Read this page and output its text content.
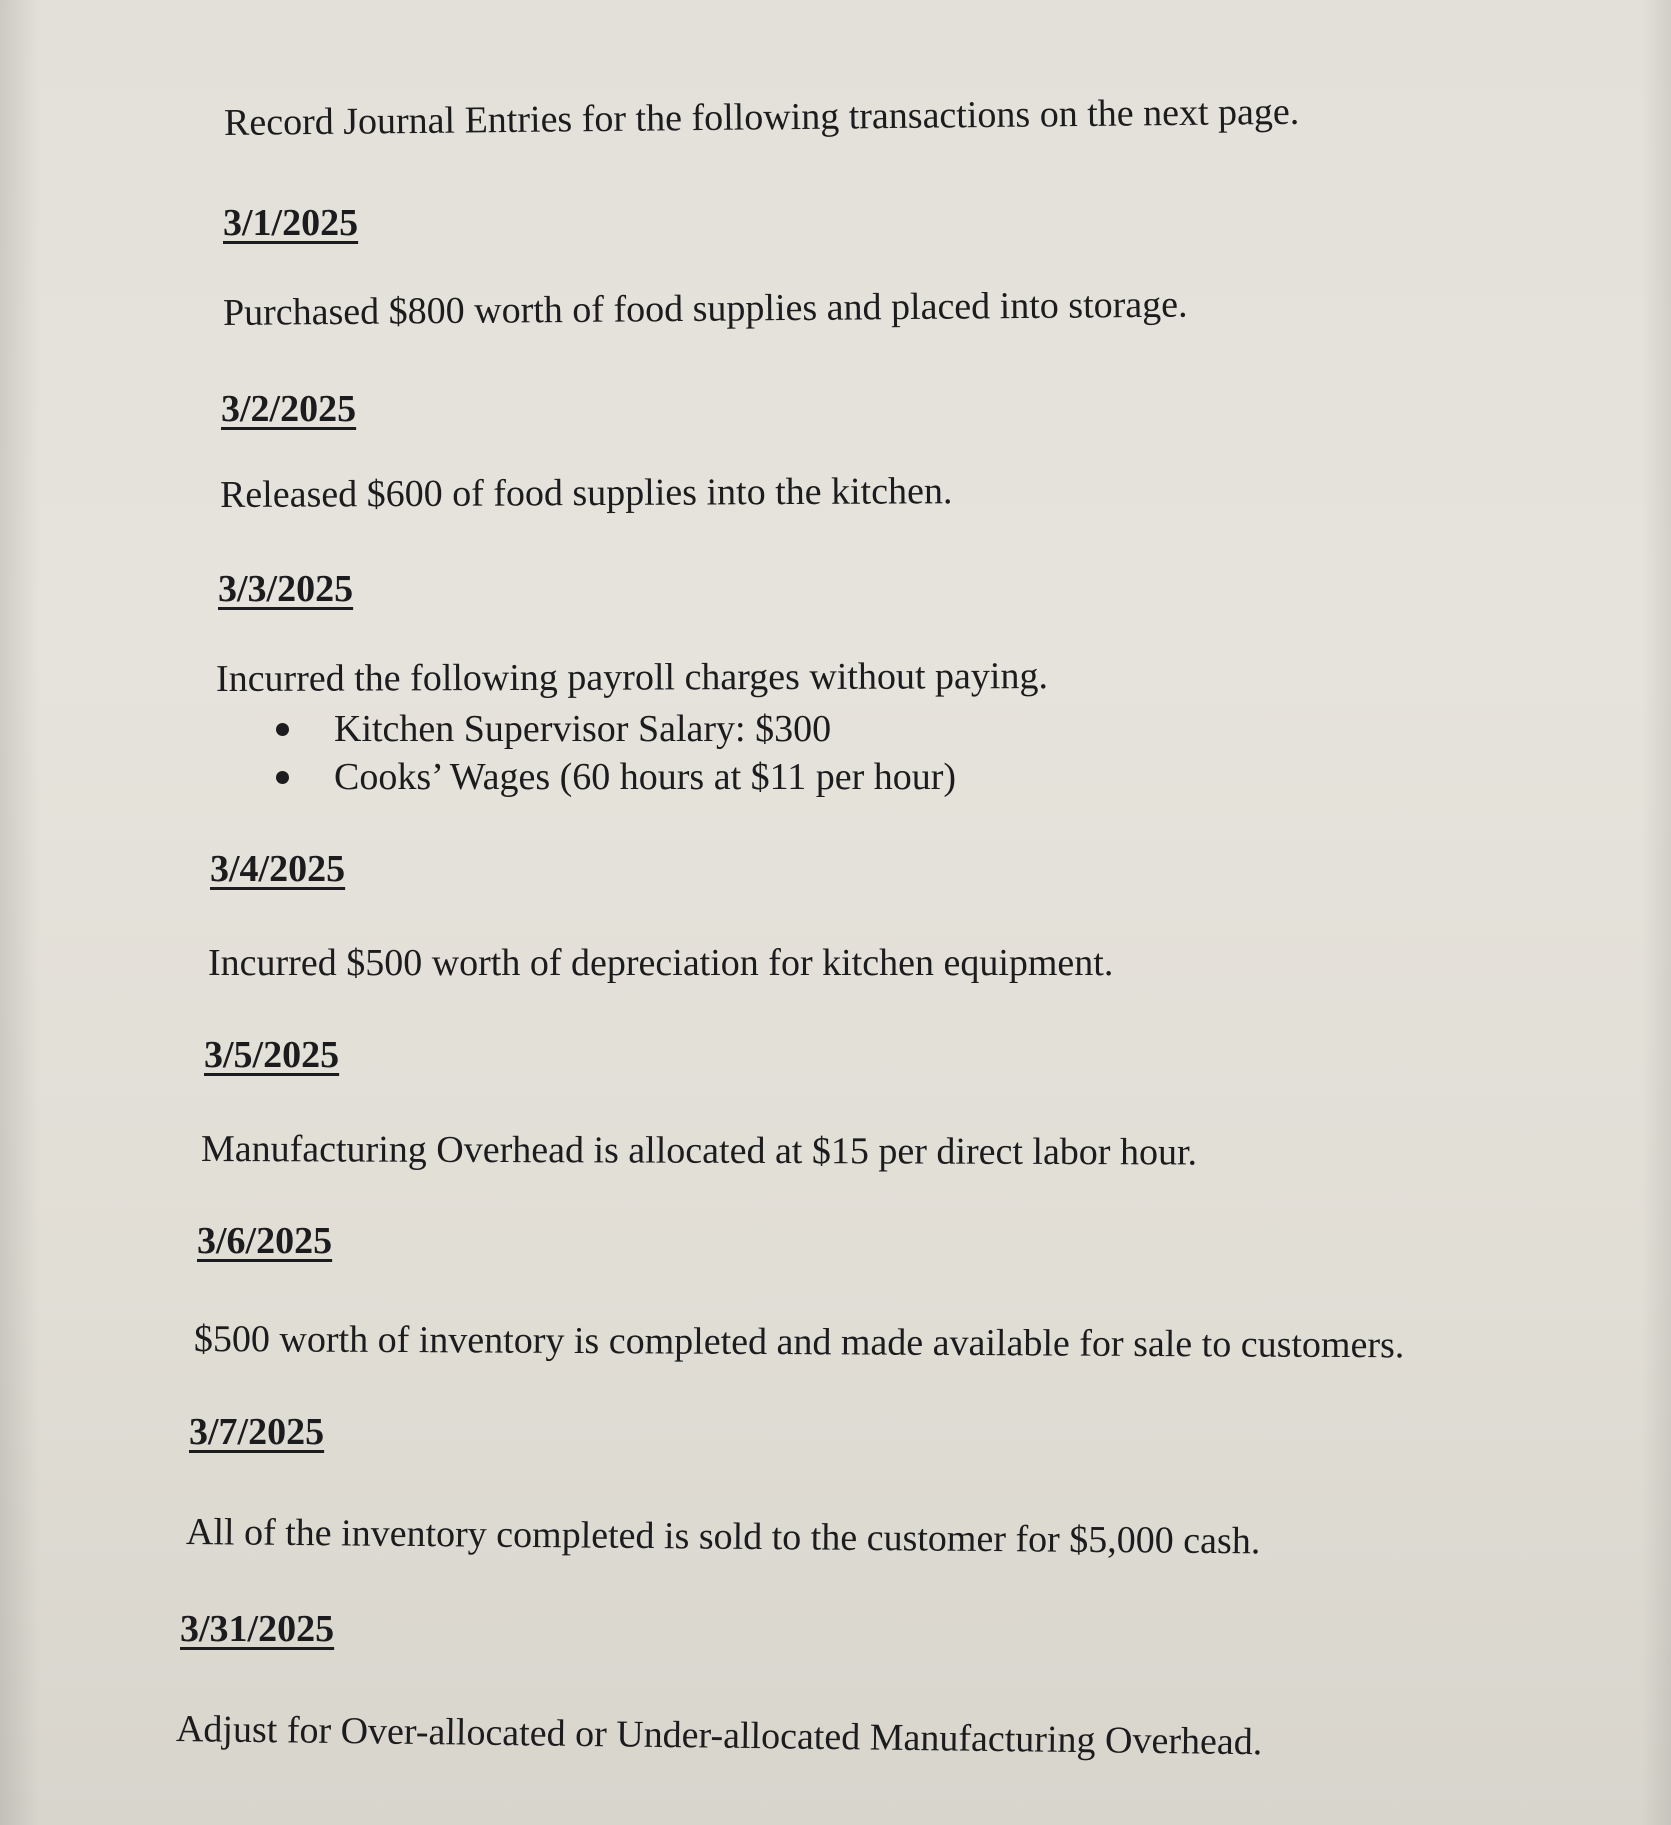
Record Journal Entries for the following transactions on the next page.
3/1/2025
Purchased $800 worth of food supplies and placed into storage.
3/2/2025
Released $600 of food supplies into the kitchen.
3/3/2025
Incurred the following payroll charges without paying.
Kitchen Supervisor Salary: $300
Cooks’ Wages (60 hours at $11 per hour)
3/4/2025
Incurred $500 worth of depreciation for kitchen equipment.
3/5/2025
Manufacturing Overhead is allocated at $15 per direct labor hour.
3/6/2025
$500 worth of inventory is completed and made available for sale to customers.
3/7/2025
All of the inventory completed is sold to the customer for $5,000 cash.
3/31/2025
Adjust for Over-allocated or Under-allocated Manufacturing Overhead.
